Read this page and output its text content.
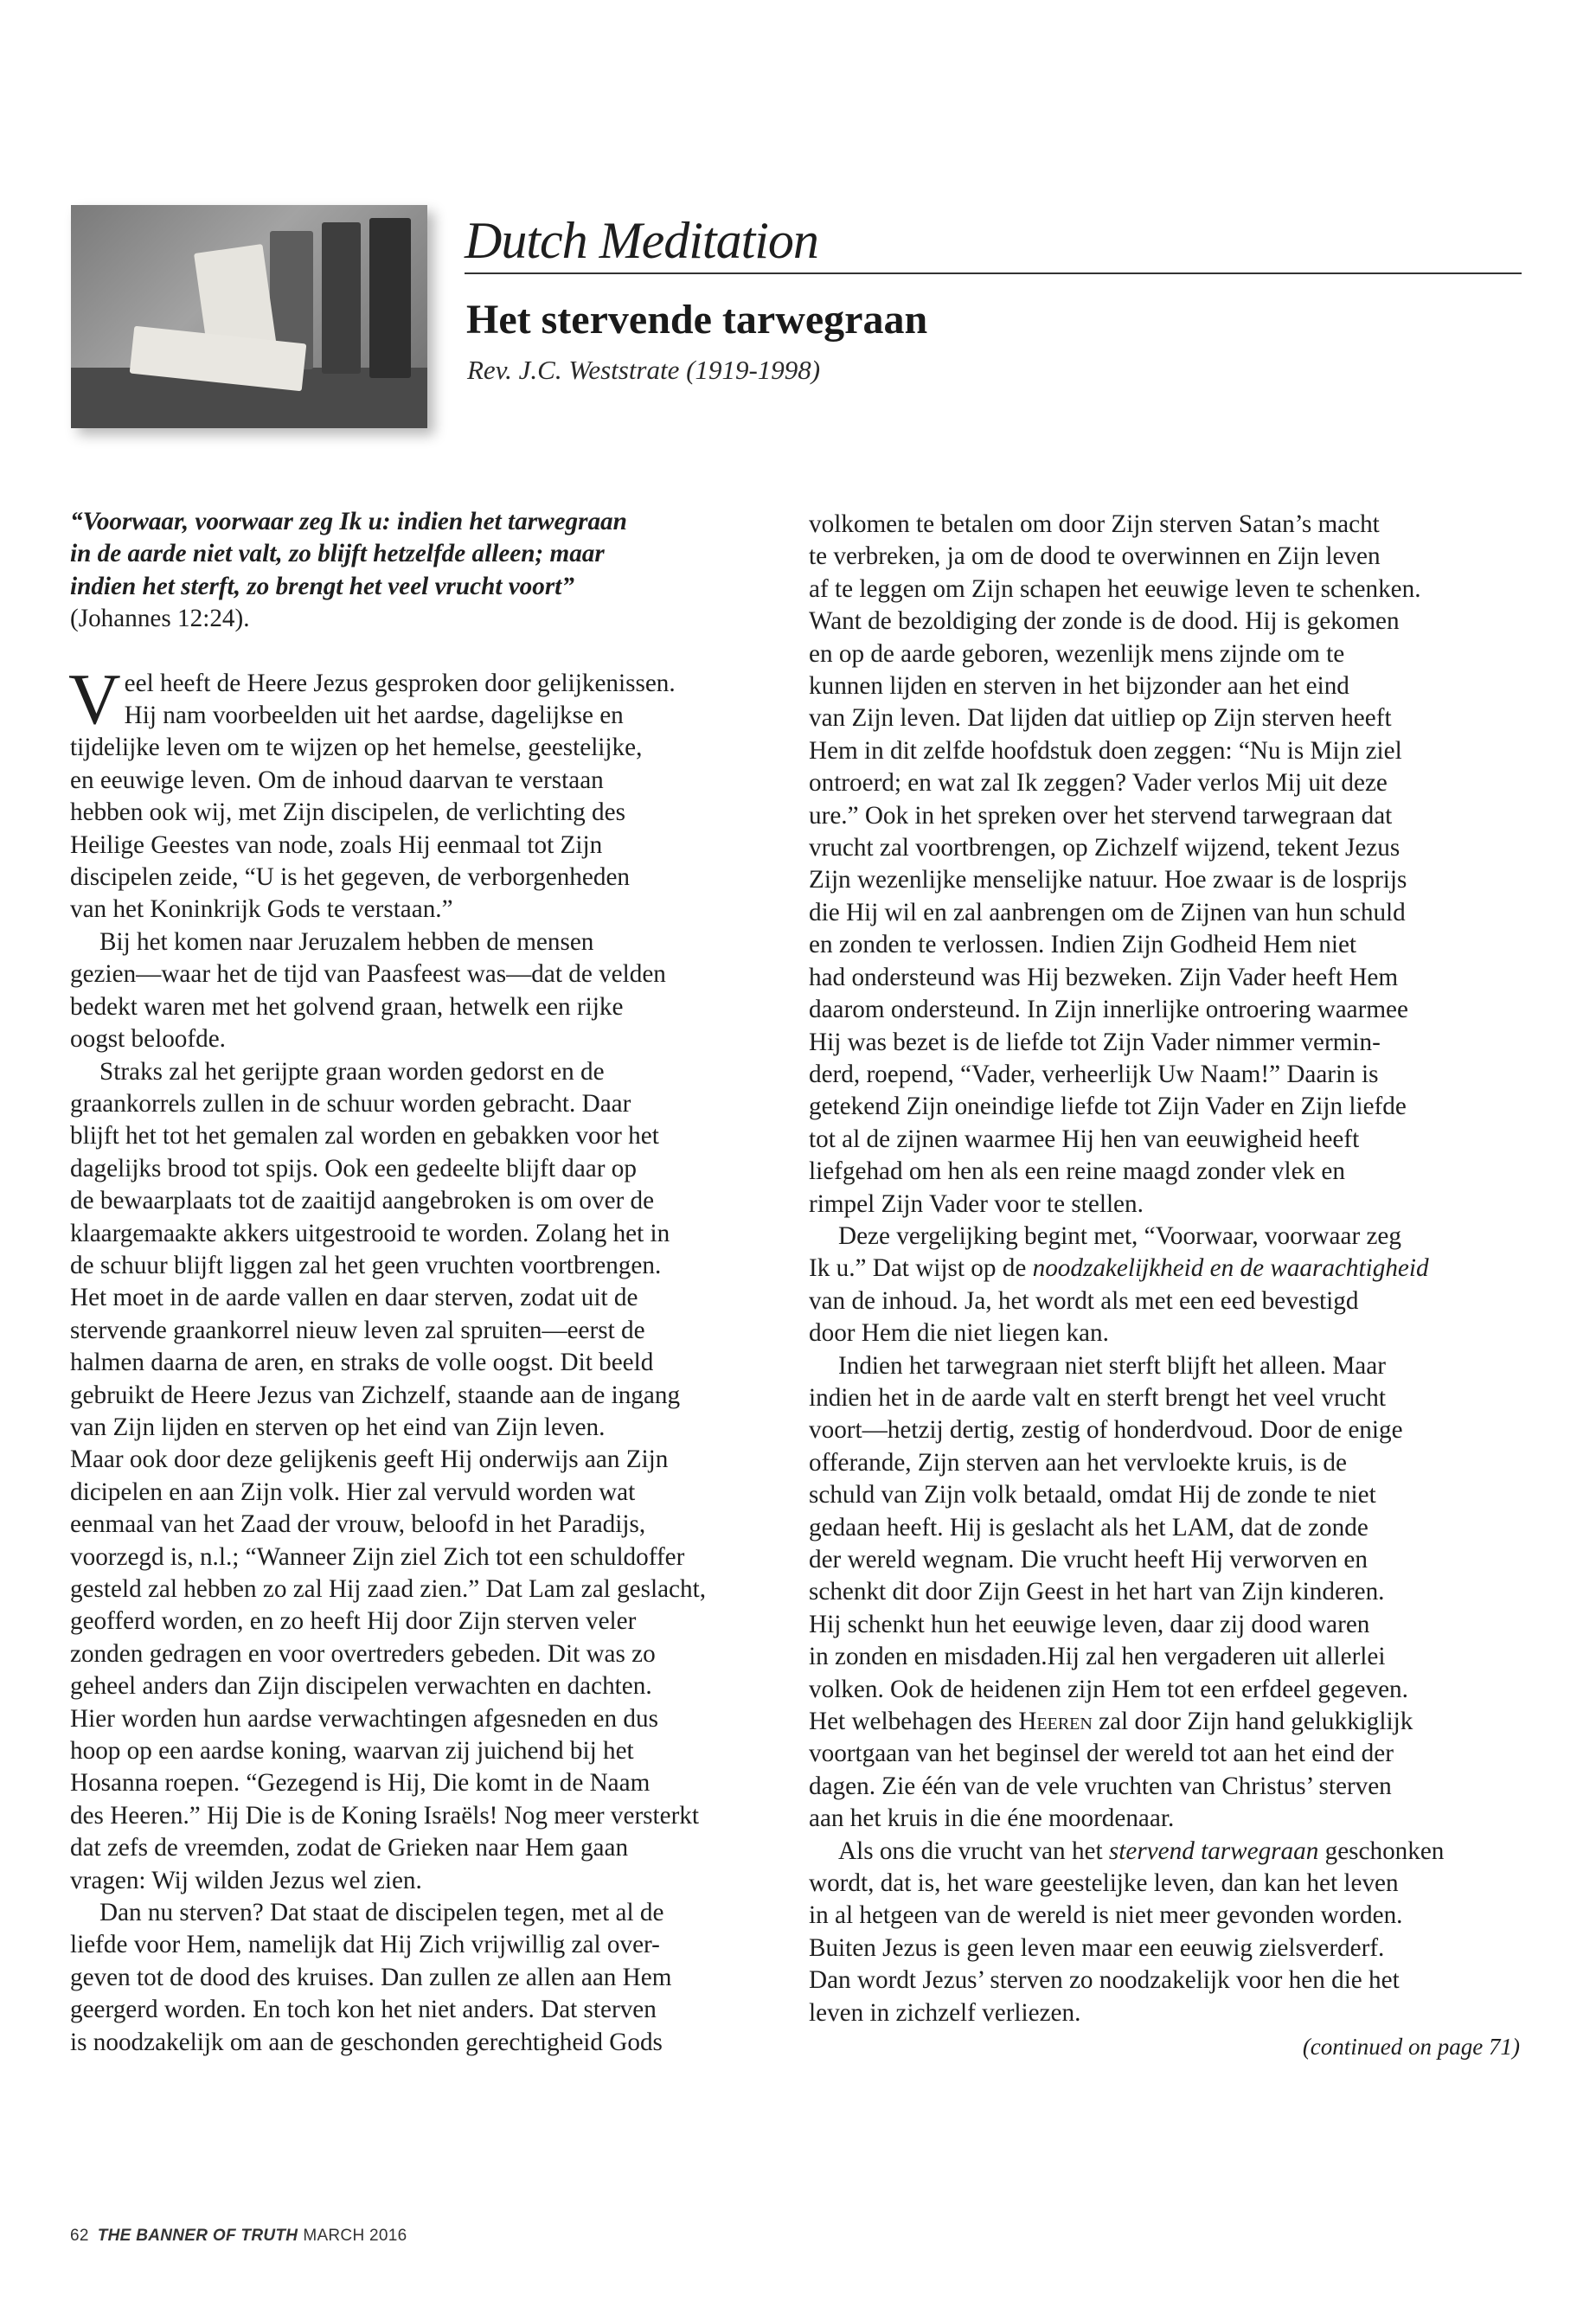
Dutch Meditation
Het stervende tarwegraan
Rev. J.C. Weststrate (1919-1998)

“Voorwaar, voorwaar zeg Ik u: indien het tarwegraan
in de aarde niet valt, zo blijft hetzelfde alleen; maar
indien het sterft, zo brengt het veel vrucht voort”
(Johannes 12:24).

Veel heeft de Heere Jezus gesproken door gelijkenissen.
Hij nam voorbeelden uit het aardse, dagelijkse en
tijdelijke leven om te wijzen op het hemelse, geestelijke,
en eeuwige leven. Om de inhoud daarvan te verstaan
hebben ook wij, met Zijn discipelen, de verlichting des
Heilige Geestes van node, zoals Hij eenmaal tot Zijn
discipelen zeide, “U is het gegeven, de verborgenheden
van het Koninkrijk Gods te verstaan.”

Bij het komen naar Jeruzalem hebben de mensen
gezien—waar het de tijd van Paasfeest was—dat de velden
bedekt waren met het golvend graan, hetwelk een rijke
oogst beloofde.

Straks zal het gerijpte graan worden gedorst en de
graankorrels zullen in de schuur worden gebracht. Daar
blijft het tot het gemalen zal worden en gebakken voor het
dagelijks brood tot spijs. Ook een gedeelte blijft daar op
de bewaarplaats tot de zaaitijd aangebroken is om over de
klaargemaakte akkers uitgestrooid te worden. Zolang het in
de schuur blijft liggen zal het geen vruchten voortbrengen.
Het moet in de aarde vallen en daar sterven, zodat uit de
stervende graankorrel nieuw leven zal spruiten—eerst de
halmen daarna de aren, en straks de volle oogst. Dit beeld
gebruikt de Heere Jezus van Zichzelf, staande aan de ingang
van Zijn lijden en sterven op het eind van Zijn leven.
Maar ook door deze gelijkenis geeft Hij onderwijs aan Zijn
dicipelen en aan Zijn volk. Hier zal vervuld worden wat
eenmaal van het Zaad der vrouw, beloofd in het Paradijs,
voorzegd is, n.l.; “Wanneer Zijn ziel Zich tot een schuldoffer
gesteld zal hebben zo zal Hij zaad zien.” Dat Lam zal geslacht,
geofferd worden, en zo heeft Hij door Zijn sterven veler
zonden gedragen en voor overtreders gebeden. Dit was zo
geheel anders dan Zijn discipelen verwachten en dachten.
Hier worden hun aardse verwachtingen afgesneden en dus
hoop op een aardse koning, waarvan zij juichend bij het
Hosanna roepen. “Gezegend is Hij, Die komt in de Naam
des Heeren.” Hij Die is de Koning Israëls! Nog meer versterkt
dat zefs de vreemden, zodat de Grieken naar Hem gaan
vragen: Wij wilden Jezus wel zien.

Dan nu sterven? Dat staat de discipelen tegen, met al de
liefde voor Hem, namelijk dat Hij Zich vrijwillig zal over-
geven tot de dood des kruises. Dan zullen ze allen aan Hem
geergerd worden. En toch kon het niet anders. Dat sterven
is noodzakelijk om aan de geschonden gerechtigheid Gods

volkomen te betalen om door Zijn sterven Satan’s macht
te verbreken, ja om de dood te overwinnen en Zijn leven
af te leggen om Zijn schapen het eeuwige leven te schenken.
Want de bezoldiging der zonde is de dood. Hij is gekomen
en op de aarde geboren, wezenlijk mens zijnde om te
kunnen lijden en sterven in het bijzonder aan het eind
van Zijn leven. Dat lijden dat uitliep op Zijn sterven heeft
Hem in dit zelfde hoofdstuk doen zeggen: “Nu is Mijn ziel
ontroerd; en wat zal Ik zeggen? Vader verlos Mij uit deze
ure.” Ook in het spreken over het stervend tarwegraan dat
vrucht zal voortbrengen, op Zichzelf wijzend, tekent Jezus
Zijn wezenlijke menselijke natuur. Hoe zwaar is de losprijs
die Hij wil en zal aanbrengen om de Zijnen van hun schuld
en zonden te verlossen. Indien Zijn Godheid Hem niet
had ondersteund was Hij bezweken. Zijn Vader heeft Hem
daarom ondersteund. In Zijn innerlijke ontroering waarmee
Hij was bezet is de liefde tot Zijn Vader nimmer vermin-
derd, roepend, “Vader, verheerlijk Uw Naam!” Daarin is
getekend Zijn oneindige liefde tot Zijn Vader en Zijn liefde
tot al de zijnen waarmee Hij hen van eeuwigheid heeft
liefgehad om hen als een reine maagd zonder vlek en
rimpel Zijn Vader voor te stellen.

Deze vergelijking begint met, “Voorwaar, voorwaar zeg
Ik u.” Dat wijst op de noodzakelijkheid en de waarachtigheid
van de inhoud. Ja, het wordt als met een eed bevestigd
door Hem die niet liegen kan.

Indien het tarwegraan niet sterft blijft het alleen. Maar
indien het in de aarde valt en sterft brengt het veel vrucht
voort—hetzij dertig, zestig of honderdvoud. Door de enige
offerande, Zijn sterven aan het vervloekte kruis, is de
schuld van Zijn volk betaald, omdat Hij de zonde te niet
gedaan heeft. Hij is geslacht als het LAM, dat de zonde
der wereld wegnam. Die vrucht heeft Hij verworven en
schenkt dit door Zijn Geest in het hart van Zijn kinderen.
Hij schenkt hun het eeuwige leven, daar zij dood waren
in zonden en misdaden.Hij zal hen vergaderen uit allerlei
volken. Ook de heidenen zijn Hem tot een erfdeel gegeven.
Het welbehagen des Heeren zal door Zijn hand gelukkiglijk
voortgaan van het beginsel der wereld tot aan het eind der
dagen. Zie één van de vele vruchten van Christus’ sterven
aan het kruis in die éne moordenaar.

Als ons die vrucht van het stervend tarwegraan geschonken
wordt, dat is, het ware geestelijke leven, dan kan het leven
in al hetgeen van de wereld is niet meer gevonden worden.
Buiten Jezus is geen leven maar een eeuwig zielsverderf.
Dan wordt Jezus’ sterven zo noodzakelijk voor hen die het
leven in zichzelf verliezen.

(continued on page 71)

62 THE BANNER OF TRUTH MARCH 2016
